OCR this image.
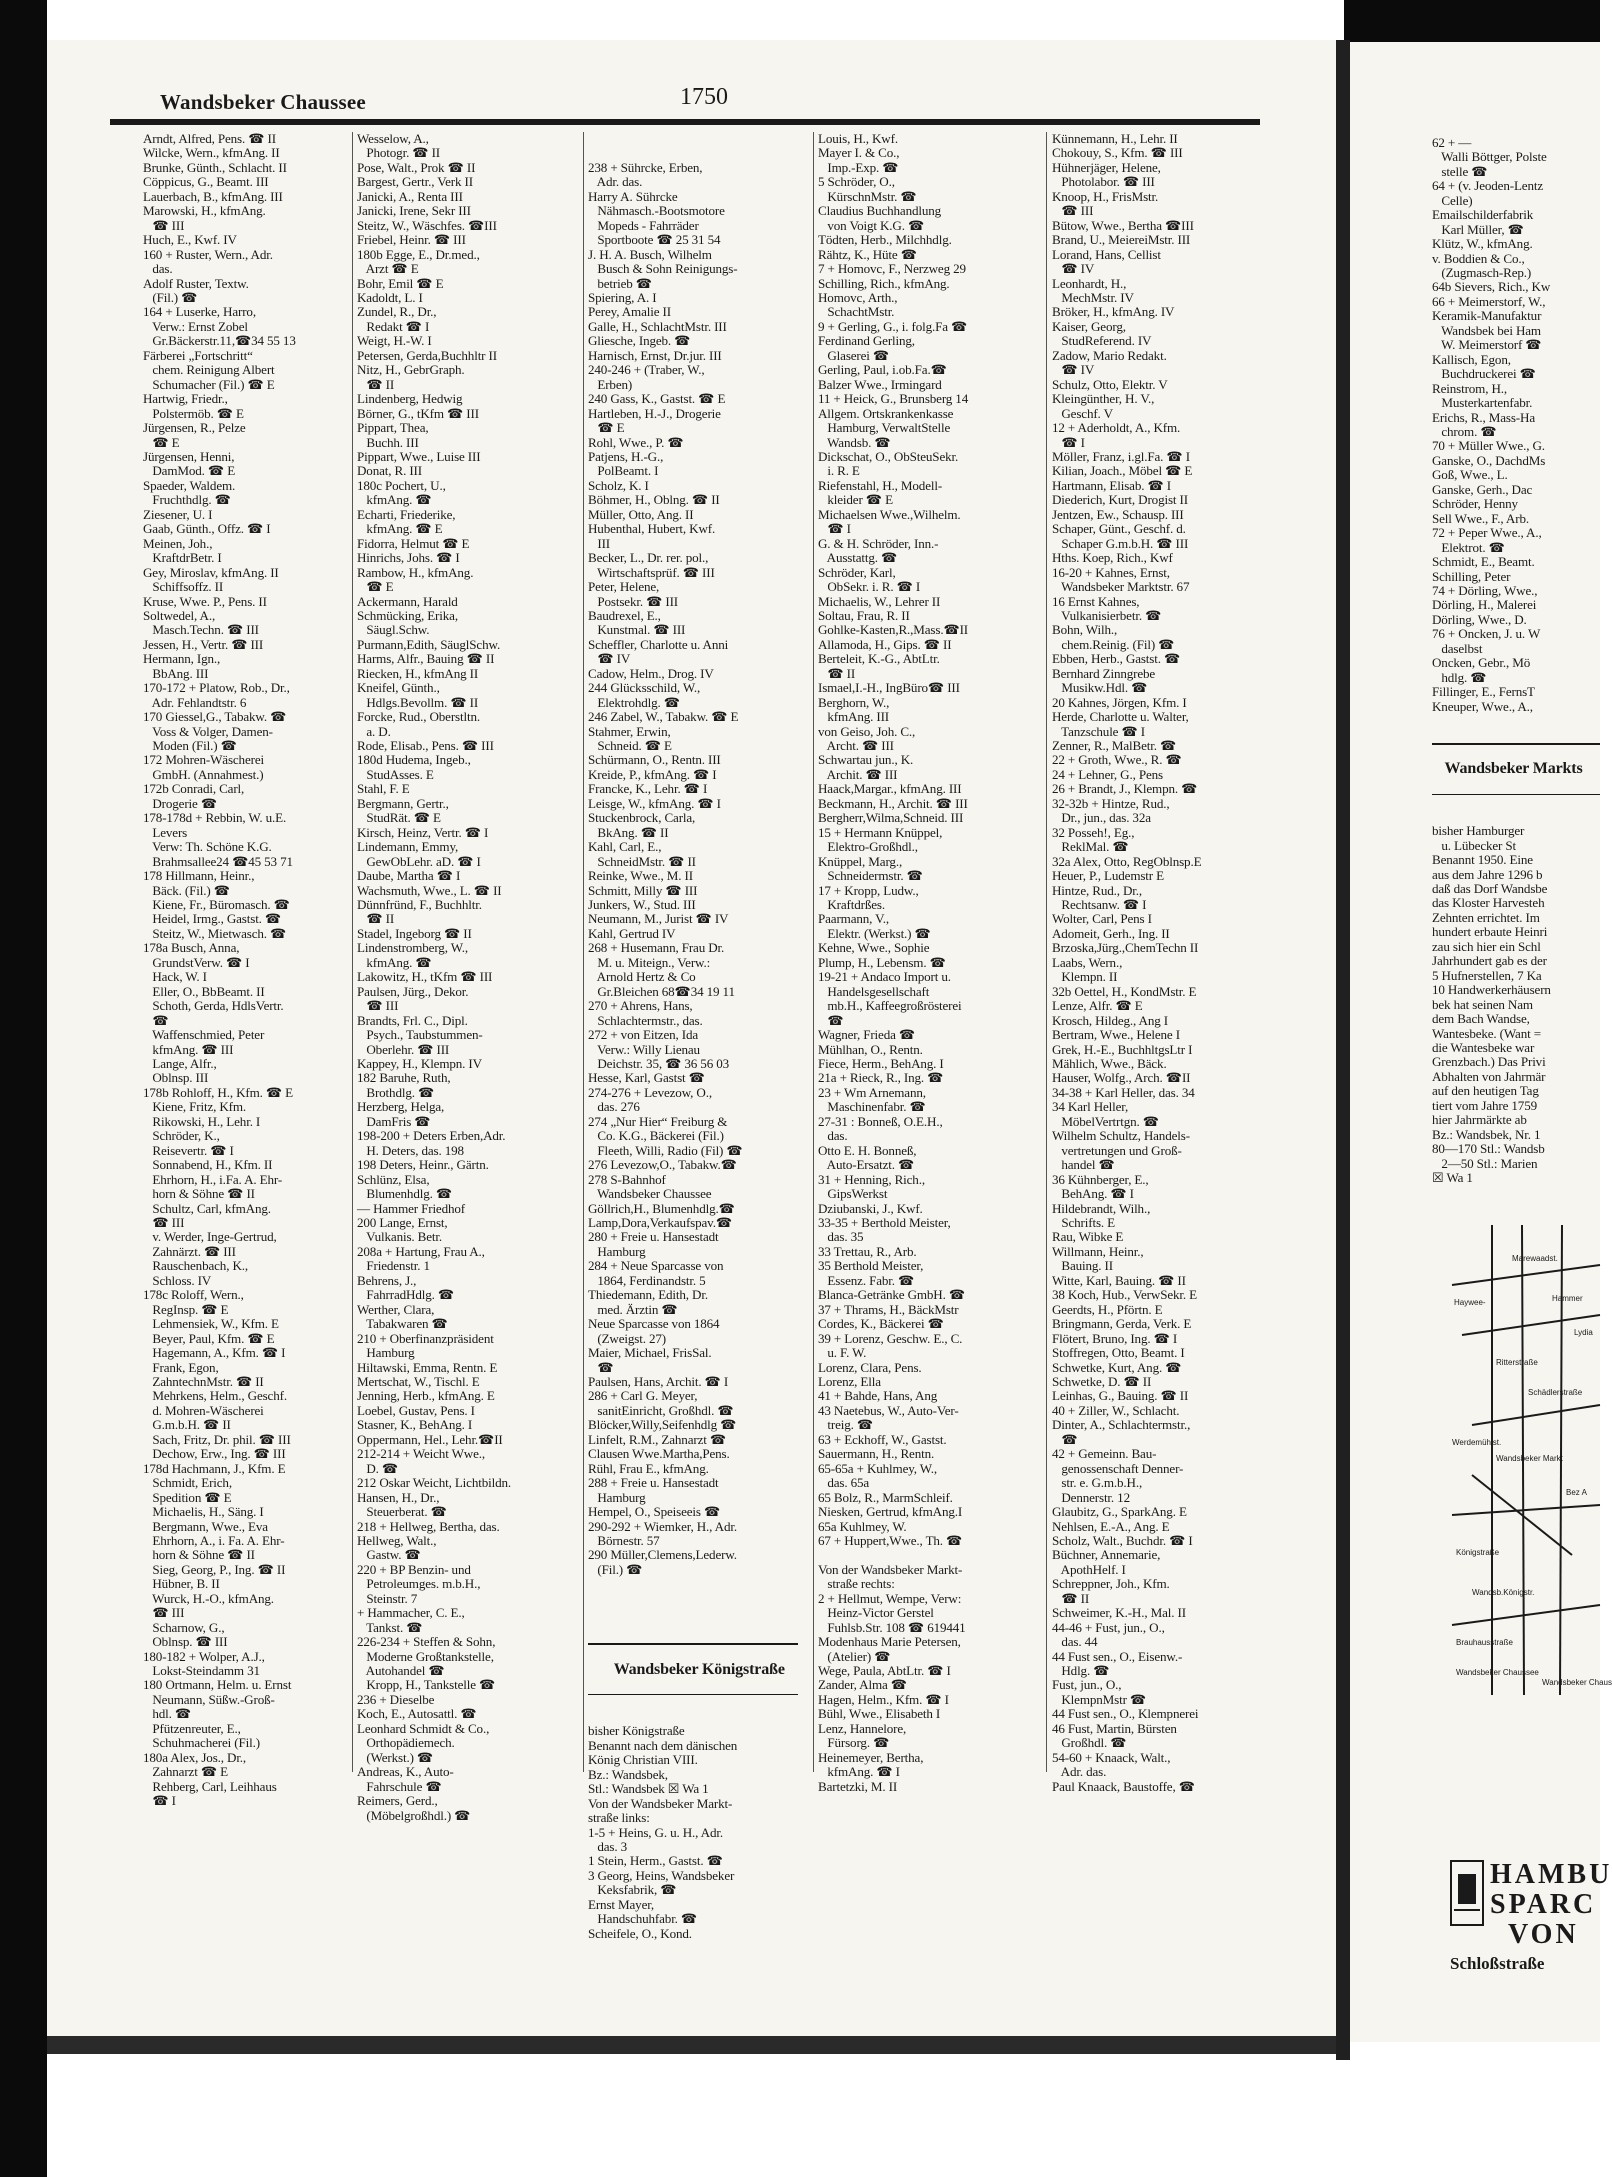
Wandsbeker Chaussee	1750
Arndt, Alfred, Pens. ☎ II
Wilcke, Wern., kfmAng. II
Brunke, Günth., Schlacht. II
Cöppicus, G., Beamt. III
Lauerbach, B., kfmAng. III
Marowski, H., kfmAng.
☎ III
Huch, E., Kwf. IV
160 + Ruster, Wern., Adr.
das.
Adolf Ruster, Textw.
(Fil.) ☎
164 + Luserke, Harro,
Verw.: Ernst Zobel
Gr.Bäckerstr.11,☎34 55 13
Färberei „Fortschritt“
chem. Reinigung Albert
Schumacher (Fil.) ☎ E
Hartwig, Friedr.,
Polstermöb. ☎ E
Jürgensen, R., Pelze
☎ E
Jürgensen, Henni,
DamMod. ☎ E
Spaeder, Waldem.
Fruchthdlg. ☎
Ziesener, U. I
Gaab, Günth., Offz. ☎ I
Meinen, Joh.,
KraftdrBetr. I
Gey, Miroslav, kfmAng. II
Schiffsoffz. II
Kruse, Wwe. P., Pens. II
Soltwedel, A.,
Masch.Techn. ☎ III
Jessen, H., Vertr. ☎ III
Hermann, Ign.,
BbAng. III
170-172 + Platow, Rob., Dr.,
Adr. Fehlandtstr. 6
170 Giessel,G., Tabakw. ☎
Voss & Volger, Damen-
Moden (Fil.) ☎
172 Mohren-Wäscherei
GmbH. (Annahmest.)
172b Conradi, Carl,
Drogerie ☎
178-178d + Rebbin, W. u.E.
Levers
Verw: Th. Schöne K.G.
Brahmsallee24 ☎45 53 71
178 Hillmann, Heinr.,
Bäck. (Fil.) ☎
Kiene, Fr., Büromasch. ☎
Heidel, Irmg., Gastst. ☎
Steitz, W., Mietwasch. ☎
178a Busch, Anna,
GrundstVerw. ☎ I
Hack, W. I
Eller, O., BbBeamt. II
Schoth, Gerda, HdlsVertr.
☎
Waffenschmied, Peter
kfmAng. ☎ III
Lange, Alfr.,
Oblnsp. III
178b Rohloff, H., Kfm. ☎ E
Kiene, Fritz, Kfm.
Rikowski, H., Lehr. I
Schröder, K.,
Reisevertr. ☎ I
Sonnabend, H., Kfm. II
Ehrhorn, H., i.Fa. A. Ehr-
horn & Söhne ☎ II
Schultz, Carl, kfmAng.
☎ III
v. Werder, Inge-Gertrud,
Zahnärzt. ☎ III
Rauschenbach, K.,
Schloss. IV
178c Roloff, Wern.,
RegInsp. ☎ E
Lehmensiek, W., Kfm. E
Beyer, Paul, Kfm. ☎ E
Hagemann, A., Kfm. ☎ I
Frank, Egon,
ZahntechnMstr. ☎ II
Mehrkens, Helm., Geschf.
d. Mohren-Wäscherei
G.m.b.H. ☎ II
Sach, Fritz, Dr. phil. ☎ III
Dechow, Erw., Ing. ☎ III
178d Hachmann, J., Kfm. E
Schmidt, Erich,
Spedition ☎ E
Michaelis, H., Säng. I
Bergmann, Wwe., Eva
Ehrhorn, A., i. Fa. A. Ehr-
horn & Söhne ☎ II
Sieg, Georg, P., Ing. ☎ II
Hübner, B. II
Wurck, H.-O., kfmAng.
☎ III
Scharnow, G.,
Oblnsp. ☎ III
180-182 + Wolper, A.J.,
Lokst-Steindamm 31
180 Ortmann, Helm. u. Ernst
Neumann, Süßw.-Groß-
hdl. ☎
Pfützenreuter, E.,
Schuhmacherei (Fil.)
180a Alex, Jos., Dr.,
Zahnarzt ☎ E
Rehberg, Carl, Leihhaus
☎ I
Wesselow, A.,
Photogr. ☎ II
Pose, Walt., Prok ☎ II
Bargest, Gertr., Verk II
Janicki, A., Renta III
Janicki, Irene, Sekr III
Steitz, W., Wäschfes. ☎III
Friebel, Heinr. ☎ III
180b Egge, E., Dr.med.,
Arzt ☎ E
Bohr, Emil ☎ E
Kadoldt, L. I
Zundel, R., Dr.,
Redakt ☎ I
Weigt, H.-W. I
Petersen, Gerda,Buchhltr II
Nitz, H., GebrGraph.
☎ II
Lindenberg, Hedwig
Börner, G., tKfm ☎ III
Pippart, Thea,
Buchh. III
Pippart, Wwe., Luise III
Donat, R. III
180c Pochert, U.,
kfmAng. ☎
Echarti, Friederike,
kfmAng. ☎ E
Fidorra, Helmut ☎ E
Hinrichs, Johs. ☎ I
Rambow, H., kfmAng.
☎ E
Ackermann, Harald
Schmücking, Erika,
Säugl.Schw.
Purmann,Edith, SäuglSchw.
Harms, Alfr., Bauing ☎ II
Riecken, H., kfmAng II
Kneifel, Günth.,
Hdlgs.Bevollm. ☎ II
Forcke, Rud., Oberstltn.
a. D.
Rode, Elisab., Pens. ☎ III
180d Hudema, Ingeb.,
StudAsses. E
Stahl, F. E
Bergmann, Gertr.,
StudRät. ☎ E
Kirsch, Heinz, Vertr. ☎ I
Lindemann, Emmy,
GewObLehr. aD. ☎ I
Daube, Martha ☎ I
Wachsmuth, Wwe., L. ☎ II
Dünnfründ, F., Buchhltr.
☎ II
Stadel, Ingeborg ☎ II
Lindenstromberg, W.,
kfmAng. ☎
Lakowitz, H., tKfm ☎ III
Paulsen, Jürg., Dekor.
☎ III
Brandts, Frl. C., Dipl.
Psych., Taubstummen-
Oberlehr. ☎ III
Kappey, H., Klempn. IV
182 Baruhe, Ruth,
Brothdlg. ☎
Herzberg, Helga,
DamFris ☎
198-200 + Deters Erben,Adr.
H. Deters, das. 198
198 Deters, Heinr., Gärtn.
Schlünz, Elsa,
Blumenhdlg. ☎
— Hammer Friedhof
200 Lange, Ernst,
Vulkanis. Betr.
208a + Hartung, Frau A.,
Friedenstr. 1
Behrens, J.,
FahrradHdlg. ☎
Werther, Clara,
Tabakwaren ☎
210 + Oberfinanzpräsident
Hamburg
Hiltawski, Emma, Rentn. E
Mertschat, W., Tischl. E
Jenning, Herb., kfmAng. E
Loebel, Gustav, Pens. I
Stasner, K., BehAng. I
Oppermann, Hel., Lehr.☎II
212-214 + Weicht Wwe.,
D. ☎
212 Oskar Weicht, Lichtbildn.
Hansen, H., Dr.,
Steuerberat. ☎
218 + Hellweg, Bertha, das.
Hellweg, Walt.,
Gastw. ☎
220 + BP Benzin- und
Petroleumges. m.b.H.,
Steinstr. 7
+ Hammacher, C. E.,
Tankst. ☎
226-234 + Steffen & Sohn,
Moderne Großtankstelle,
Autohandel ☎
Kropp, H., Tankstelle ☎
236 + Dieselbe
Koch, E., Autosattl. ☎
Leonhard Schmidt & Co.,
Orthopädiemech.
(Werkst.) ☎
Andreas, K., Auto-
Fahrschule ☎
Reimers, Gerd.,
(Möbelgroßhdl.) ☎

238 + Sührcke, Erben,
Adr. das.
Harry A. Sührcke
Nähmasch.-Bootsmotore
Mopeds - Fahrräder
Sportboote ☎ 25 31 54
J. H. A. Busch, Wilhelm
Busch & Sohn Reinigungs-
betrieb ☎
Spiering, A. I
Perey, Amalie II
Galle, H., SchlachtMstr. III
Gliesche, Ingeb. ☎
Harnisch, Ernst, Dr.jur. III
240-246 + (Traber, W.,
Erben)
240 Gass, K., Gastst. ☎ E
Hartleben, H.-J., Drogerie
☎ E
Rohl, Wwe., P. ☎
Patjens, H.-G.,
PolBeamt. I
Scholz, K. I
Böhmer, H., Oblng. ☎ II
Müller, Otto, Ang. II
Hubenthal, Hubert, Kwf.
III
Becker, L., Dr. rer. pol.,
Wirtschaftsprüf. ☎ III
Peter, Helene,
Postsekr. ☎ III
Baudrexel, E.,
Kunstmal. ☎ III
Scheffler, Charlotte u. Anni
☎ IV
Cadow, Helm., Drog. IV
244 Glücksschild, W.,
Elektrohdlg. ☎
246 Zabel, W., Tabakw. ☎ E
Stahmer, Erwin,
Schneid. ☎ E
Schürmann, O., Rentn. III
Kreide, P., kfmAng. ☎ I
Francke, K., Lehr. ☎ I
Leisge, W., kfmAng. ☎ I
Stuckenbrock, Carla,
BkAng. ☎ II
Kahl, Carl, E.,
SchneidMstr. ☎ II
Reinke, Wwe., M. II
Schmitt, Milly ☎ III
Junkers, W., Stud. III
Neumann, M., Jurist ☎ IV
Kahl, Gertrud IV
268 + Husemann, Frau Dr.
M. u. Miteign., Verw.:
Arnold Hertz & Co
Gr.Bleichen 68☎34 19 11
270 + Ahrens, Hans,
Schlachtermstr., das.
272 + von Eitzen, Ida
Verw.: Willy Lienau
Deichstr. 35, ☎ 36 56 03
Hesse, Karl, Gastst ☎
274-276 + Levezow, O.,
das. 276
274 „Nur Hier“ Freiburg &
Co. K.G., Bäckerei (Fil.)
Fleeth, Willi, Radio (Fil) ☎
276 Levezow,O., Tabakw.☎
278 S-Bahnhof
Wandsbeker Chaussee
Göllrich,H., Blumenhdlg.☎
Lamp,Dora,Verkaufspav.☎
280 + Freie u. Hansestadt
Hamburg
284 + Neue Sparcasse von
1864, Ferdinandstr. 5
Thiedemann, Edith, Dr.
med. Ärztin ☎
Neue Sparcasse von 1864
(Zweigst. 27)
Maier, Michael, FrisSal.
☎
Paulsen, Hans, Archit. ☎ I
286 + Carl G. Meyer,
sanitEinricht, Großhdl. ☎
Blöcker,Willy,Seifenhdlg ☎
Linfelt, R.M., Zahnarzt ☎
Clausen Wwe.Martha,Pens.
Rühl, Frau E., kfmAng.
288 + Freie u. Hansestadt
Hamburg
Hempel, O., Speiseeis ☎
290-292 + Wiemker, H., Adr.
Börnestr. 57
290 Müller,Clemens,Lederw.
(Fil.) ☎

Wandsbeker Königstraße

bisher Königstraße
Benannt nach dem dänischen
König Christian VIII.
Bz.: Wandsbek,
Stl.: Wandsbek ☒ Wa 1
Von der Wandsbeker Markt-
straße links:
1-5 + Heins, G. u. H., Adr.
das. 3
1 Stein, Herm., Gastst. ☎
3 Georg, Heins, Wandsbeker
Keksfabrik, ☎
Ernst Mayer,
Handschuhfabr. ☎
Scheifele, O., Kond.

Louis, H., Kwf.
Mayer I. & Co.,
Imp.-Exp. ☎
5 Schröder, O.,
KürschnMstr. ☎
Claudius Buchhandlung
von Voigt K.G. ☎
Tödten, Herb., Milchhdlg.
Rähtz, K., Hüte ☎
7 + Homovc, F., Nerzweg 29
Schilling, Rich., kfmAng.
Homovc, Arth.,
SchachtMstr.
9 + Gerling, G., i. folg.Fa ☎
Ferdinand Gerling,
Glaserei ☎
Gerling, Paul, i.ob.Fa.☎
Balzer Wwe., Irmingard
11 + Heick, G., Brunsberg 14
Allgem. Ortskrankenkasse
Hamburg, VerwaltStelle
Wandsb. ☎
Dickschat, O., ObSteuSekr.
i. R. E
Riefenstahl, H., Modell-
kleider ☎ E
Michaelsen Wwe.,Wilhelm.
☎ I
G. & H. Schröder, Inn.-
Ausstattg. ☎
Schröder, Karl,
ObSekr. i. R. ☎ I
Michaelis, W., Lehrer II
Soltau, Frau, R. II
Gohlke-Kasten,R.,Mass.☎II
Allamoda, H., Gips. ☎ II
Berteleit, K.-G., AbtLtr.
☎ II
Ismael,I.-H., IngBüro☎ III
Berghorn, W.,
kfmAng. III
von Geiso, Joh. C.,
Archt. ☎ III
Schwartau jun., K.
Archit. ☎ III
Haack,Margar., kfmAng. III
Beckmann, H., Archit. ☎ III
Bergherr,Wilma,Schneid. III
15 + Hermann Knüppel,
Elektro-Großhdl.,
Knüppel, Marg.,
Schneidermstr. ☎
17 + Kropp, Ludw.,
Kraftdrßes.
Paarmann, V.,
Elektr. (Werkst.) ☎
Kehne, Wwe., Sophie
Plump, H., Lebensm. ☎
19-21 + Andaco Import u.
Handelsgesellschaft
mb.H., Kaffeegroßrösterei
☎
Wagner, Frieda ☎
Mühlhan, O., Rentn.
Fiece, Herm., BehAng. I
21a + Rieck, R., Ing. ☎
23 + Wm Arnemann,
Maschinenfabr. ☎
27-31 : Bonneß, O.E.H.,
das.
Otto E. H. Bonneß,
Auto-Ersatzt. ☎
31 + Henning, Rich.,
GipsWerkst
Dziubanski, J., Kwf.
33-35 + Berthold Meister,
das. 35
33 Trettau, R., Arb.
35 Berthold Meister,
Essenz. Fabr. ☎
Blanca-Getränke GmbH. ☎
37 + Thrams, H., BäckMstr
Cordes, K., Bäckerei ☎
39 + Lorenz, Geschw. E., C.
u. F. W.
Lorenz, Clara, Pens.
Lorenz, Ella
41 + Bahde, Hans, Ang
43 Naetebus, W., Auto-Ver-
treig. ☎
63 + Eckhoff, W., Gastst.
Sauermann, H., Rentn.
65-65a + Kuhlmey, W.,
das. 65a
65 Bolz, R., MarmSchleif.
Niesken, Gertrud, kfmAng.I
65a Kuhlmey, W.
67 + Huppert,Wwe., Th. ☎

Von der Wandsbeker Markt-
straße rechts:
2 + Hellmut, Wempe, Verw:
Heinz-Victor Gerstel
Fuhlsb.Str. 108 ☎ 619441
Modenhaus Marie Petersen,
(Atelier) ☎
Wege, Paula, AbtLtr. ☎ I
Zander, Alma ☎
Hagen, Helm., Kfm. ☎ I
Bühl, Wwe., Elisabeth I
Lenz, Hannelore,
Fürsorg. ☎
Heinemeyer, Bertha,
kfmAng. ☎ I
Bartetzki, M. II
Künnemann, H., Lehr. II
Chokouy, S., Kfm. ☎ III
Hühnerjäger, Helene,
Photolabor. ☎ III
Knoop, H., FrisMstr.
☎ III
Bütow, Wwe., Bertha ☎III
Brand, U., MeiereiMstr. III
Lorand, Hans, Cellist
☎ IV
Leonhardt, H.,
MechMstr. IV
Bröker, H., kfmAng. IV
Kaiser, Georg,
StudReferend. IV
Zadow, Mario Redakt.
☎ IV
Schulz, Otto, Elektr. V
Kleingünther, H. V.,
Geschf. V
12 + Aderholdt, A., Kfm.
☎ I
Möller, Franz, i.gl.Fa. ☎ I
Kilian, Joach., Möbel ☎ E
Hartmann, Elisab. ☎ I
Diederich, Kurt, Drogist II
Jentzen, Ew., Schausp. III
Schaper, Günt., Geschf. d.
Schaper G.m.b.H. ☎ III
Hths. Koep, Rich., Kwf
16-20 + Kahnes, Ernst,
Wandsbeker Marktstr. 67
16 Ernst Kahnes,
Vulkanisierbetr. ☎
Bohn, Wilh.,
chem.Reinig. (Fil) ☎
Ebben, Herb., Gastst. ☎
Bernhard Zinngrebe
Musikw.Hdl. ☎
20 Kahnes, Jörgen, Kfm. I
Herde, Charlotte u. Walter,
Tanzschule ☎ I
Zenner, R., MalBetr. ☎
22 + Groth, Wwe., R. ☎
24 + Lehner, G., Pens
26 + Brandt, J., Klempn. ☎
32-32b + Hintze, Rud.,
Dr., jun., das. 32a
32 Posseh!, Eg.,
ReklMal. ☎
32a Alex, Otto, RegOblnsp.E
Heuer, P., Ludemstr E
Hintze, Rud., Dr.,
Rechtsanw. ☎ I
Wolter, Carl, Pens I
Adomeit, Gerh., Ing. II
Brzoska,Jürg.,ChemTechn II
Laabs, Wern.,
Klempn. II
32b Oettel, H., KondMstr. E
Lenze, Alfr. ☎ E
Krosch, Hildeg., Ang I
Bertram, Wwe., Helene I
Grek, H.-E., BuchhltgsLtr I
Mählich, Wwe., Bäck.
Hauser, Wolfg., Arch. ☎II
34-38 + Karl Heller, das. 34
34 Karl Heller,
MöbelVertrtgn. ☎
Wilhelm Schultz, Handels-
vertretungen und Groß-
handel ☎
36 Kühnberger, E.,
BehAng. ☎ I
Hildebrandt, Wilh.,
Schrifts. E
Rau, Wibke E
Willmann, Heinr.,
Bauing. II
Witte, Karl, Bauing. ☎ II
38 Koch, Hub., VerwSekr. E
Geerdts, H., Pförtn. E
Bringmann, Gerda, Verk. E
Flötert, Bruno, Ing. ☎ I
Stoffregen, Otto, Beamt. I
Schwetke, Kurt, Ang. ☎
Schwetke, D. ☎ II
Leinhas, G., Bauing. ☎ II
40 + Ziller, W., Schlacht.
Dinter, A., Schlachtermstr.,
☎
42 + Gemeinn. Bau-
genossenschaft Denner-
str. e. G.m.b.H.,
Dennerstr. 12
Glaubitz, G., SparkAng. E
Nehlsen, E.-A., Ang. E
Scholz, Walt., Buchdr. ☎ I
Büchner, Annemarie,
ApothHelf. I
Schreppner, Joh., Kfm.
☎ II
Schweimer, K.-H., Mal. II
44-46 + Fust, jun., O.,
das. 44
44 Fust sen., O., Eisenw.-
Hdlg. ☎
Fust, jun., O.,
KlempnMstr ☎
44 Fust sen., O., Klempnerei
46 Fust, Martin, Bürsten
Großhdl. ☎
54-60 + Knaack, Walt.,
Adr. das.
Paul Knaack, Baustoffe, ☎

62 + —
Walli Böttger, Polste
stelle ☎
64 + (v. Jeoden-Lentz
Celle)
Emailschilderfabrik
Karl Müller, ☎
Klütz, W., kfmAng.
v. Boddien & Co.,
(Zugmasch-Rep.)
64b Sievers, Rich., Kw
66 + Meimerstorf, W.,
Keramik-Manufaktur
Wandsbek bei Ham
W. Meimerstorf ☎
Kallisch, Egon,
Buchdruckerei ☎
Reinstrom, H.,
Musterkartenfabr.
Erichs, R., Mass-Ha
chrom. ☎
70 + Müller Wwe., G.
Ganske, O., DachdMs
Goß, Wwe., L.
Ganske, Gerh., Dac
Schröder, Henny
Sell Wwe., F., Arb.
72 + Peper Wwe., A.,
Elektrot. ☎
Schmidt, E., Beamt.
Schilling, Peter
74 + Dörling, Wwe.,
Dörling, H., Malerei
Dörling, Wwe., D.
76 + Oncken, J. u. W
daselbst
Oncken, Gebr., Mö
hdlg. ☎
Fillinger, E., FernsT
Kneuper, Wwe., A.,

Wandsbeker Markts

bisher Hamburger
u. Lübecker St
Benannt 1950. Eine
aus dem Jahre 1296 b
daß das Dorf Wandsbe
das Kloster Harvesteh
Zehnten errichtet. Im
hundert erbaute Heinri
zau sich hier ein Schl
Jahrhundert gab es der
5 Hufnerstellen, 7 Ka
10 Handwerkerhäusern
bek hat seinen Nam
dem Bach Wandse,
Wantesbeke. (Want =
die Wantesbeke war
Grenzbach.) Das Privi
Abhalten von Jahrmär
auf den heutigen Tag
tiert vom Jahre 1759
hier Jahrmärkte ab
Bz.: Wandsbek, Nr. 1
80—170 Stl.: Wandsb
2—50 Stl.: Marien
☒ Wa 1

Marewaadst.
Haywee-	Hammer
Lydia
Schädlerstraße
Werdemühlst.
Wandsbeker Markt
Bez A
Ritterstraße
Königstraße
Wandsb.Königstr.
Brauhausstraße
Wandsbeker Chaussee
Wandsbeker Chaus
HAMBU
SPARC
VON
Schloßstraße
